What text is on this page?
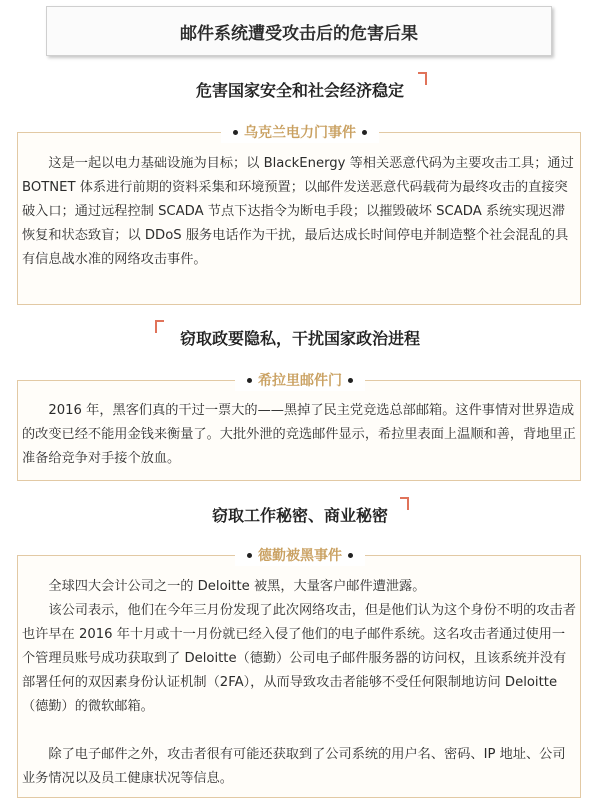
邮件系统遭受攻击后的危害后果
危害国家安全和社会经济稳定
乌克兰电力门事件

这是一起以电力基础设施为目标；以 BlackEnergy 等相关恶意代码为主要攻击工具；通过 BOTNET 体系进行前期的资料采集和环境预置；以邮件发送恶意代码载荷为最终攻击的直接突破入口；通过远程控制 SCADA 节点下达指令为断电手段；以摧毁破坏 SCADA 系统实现迟滞恢复和状态致盲；以 DDoS 服务电话作为干扰，最后达成长时间停电并制造整个社会混乱的具有信息战水准的网络攻击事件。

窃取政要隐私，干扰国家政治进程
希拉里邮件门

2016 年，黑客们真的干过一票大的——黑掉了民主党竞选总部邮箱。这件事情对世界造成的改变已经不能用金钱来衡量了。大批外泄的竞选邮件显示，希拉里表面上温顺和善，背地里正准备给竞争对手接个放血。

窃取工作秘密、商业秘密
德勤被黑事件

全球四大会计公司之一的 Deloitte 被黑，大量客户邮件遭泄露。

该公司表示，他们在今年三月份发现了此次网络攻击，但是他们认为这个身份不明的攻击者也许早在 2016 年十月或十一月份就已经入侵了他们的电子邮件系统。这名攻击者通过使用一个管理员账号成功获取到了 Deloitte（德勤）公司电子邮件服务器的访问权，且该系统并没有部署任何的双因素身份认证机制（2FA），从而导致攻击者能够不受任何限制地访问 Deloitte（德勤）的微软邮箱。

除了电子邮件之外，攻击者很有可能还获取到了公司系统的用户名、密码、IP 地址、公司业务情况以及员工健康状况等信息。
